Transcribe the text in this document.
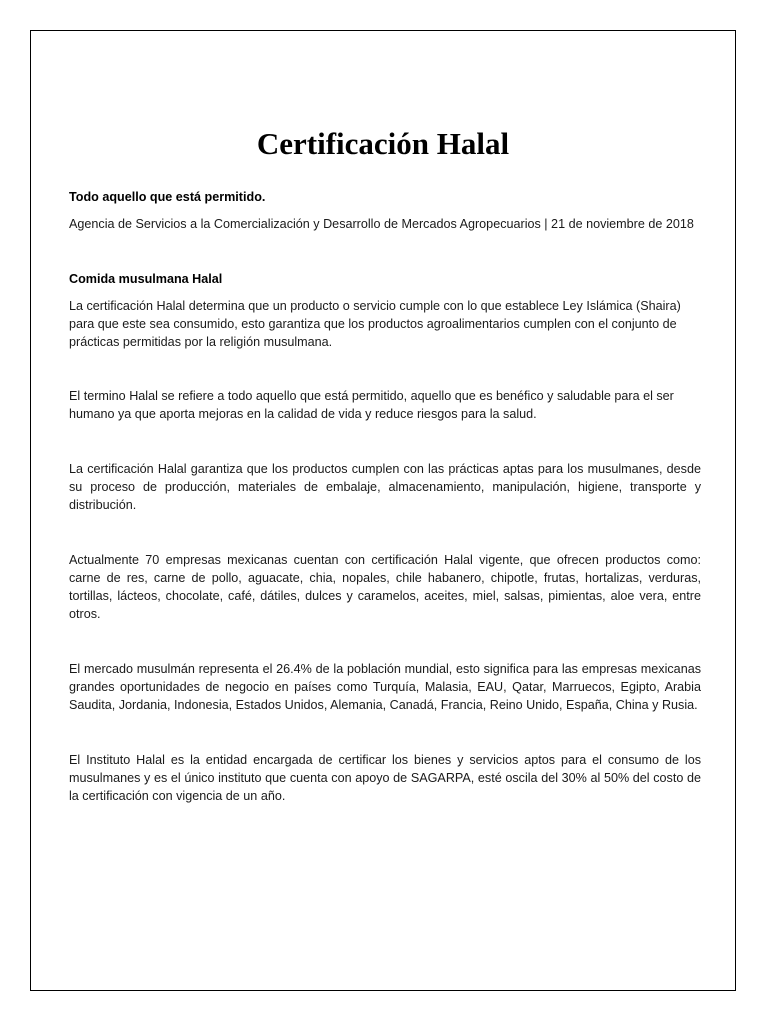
Certificación Halal

Todo aquello que está permitido.

Agencia de Servicios a la Comercialización y Desarrollo de Mercados Agropecuarios | 21 de noviembre de 2018

Comida musulmana Halal

La certificación Halal determina que un producto o servicio cumple con lo que establece Ley Islámica (Shaira) para que este sea consumido, esto garantiza que los productos agroalimentarios cumplen con el conjunto de prácticas permitidas por la religión musulmana.

El termino Halal se refiere a todo aquello que está permitido, aquello que es benéfico y saludable para el ser humano ya que aporta mejoras en la calidad de vida y reduce riesgos para la salud.

La certificación Halal garantiza que los productos cumplen con las prácticas aptas para los musulmanes, desde su proceso de producción, materiales de embalaje, almacenamiento, manipulación, higiene, transporte y distribución.

Actualmente 70 empresas mexicanas cuentan con certificación Halal vigente, que ofrecen productos como: carne de res, carne de pollo, aguacate, chia, nopales, chile habanero, chipotle, frutas, hortalizas, verduras, tortillas, lácteos, chocolate, café, dátiles, dulces y caramelos, aceites, miel, salsas, pimientas, aloe vera, entre otros.

El mercado musulmán representa el 26.4% de la población mundial, esto significa para las empresas mexicanas grandes oportunidades de negocio en países como Turquía, Malasia, EAU, Qatar, Marruecos, Egipto, Arabia Saudita, Jordania, Indonesia, Estados Unidos, Alemania, Canadá, Francia, Reino Unido, España, China y Rusia.

El Instituto Halal es la entidad encargada de certificar los bienes y servicios aptos para el consumo de los musulmanes y es el único instituto que cuenta con apoyo de SAGARPA, esté oscila del 30% al 50% del costo de la certificación con vigencia de un año.
